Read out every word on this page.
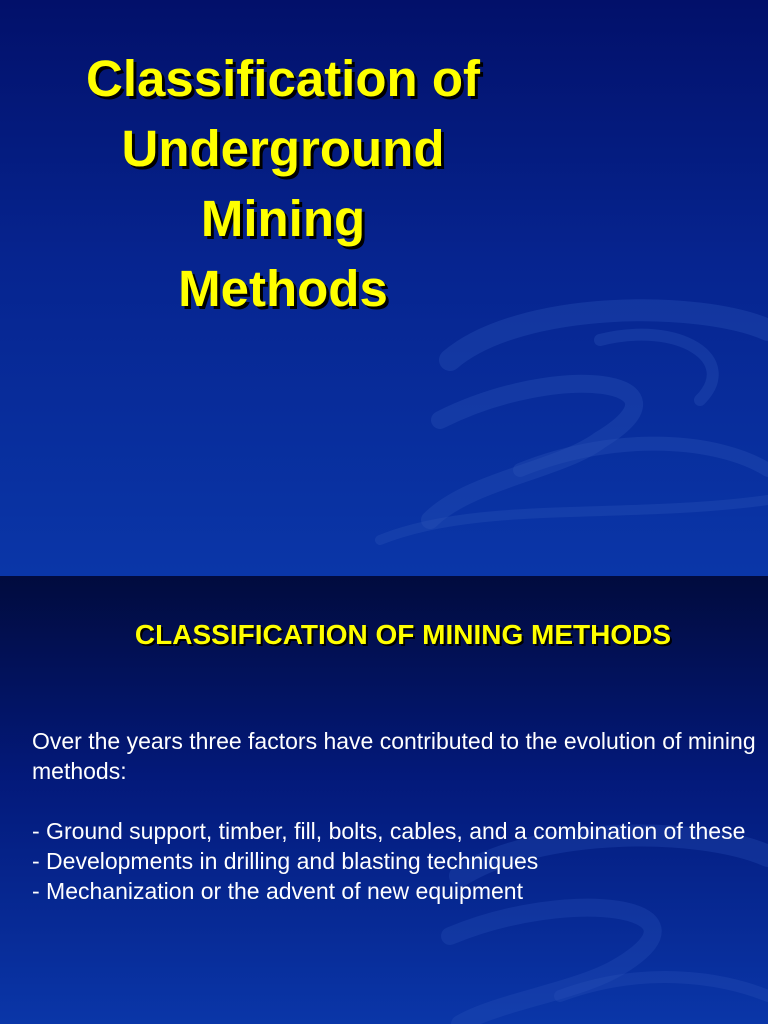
Classification of
Underground
Mining
Methods
CLASSIFICATION OF MINING METHODS

Over the years three factors have contributed to the evolution of mining methods:

- Ground support, timber, fill, bolts, cables, and a combination of these

- Developments in drilling and blasting techniques

- Mechanization or the advent of new equipment
